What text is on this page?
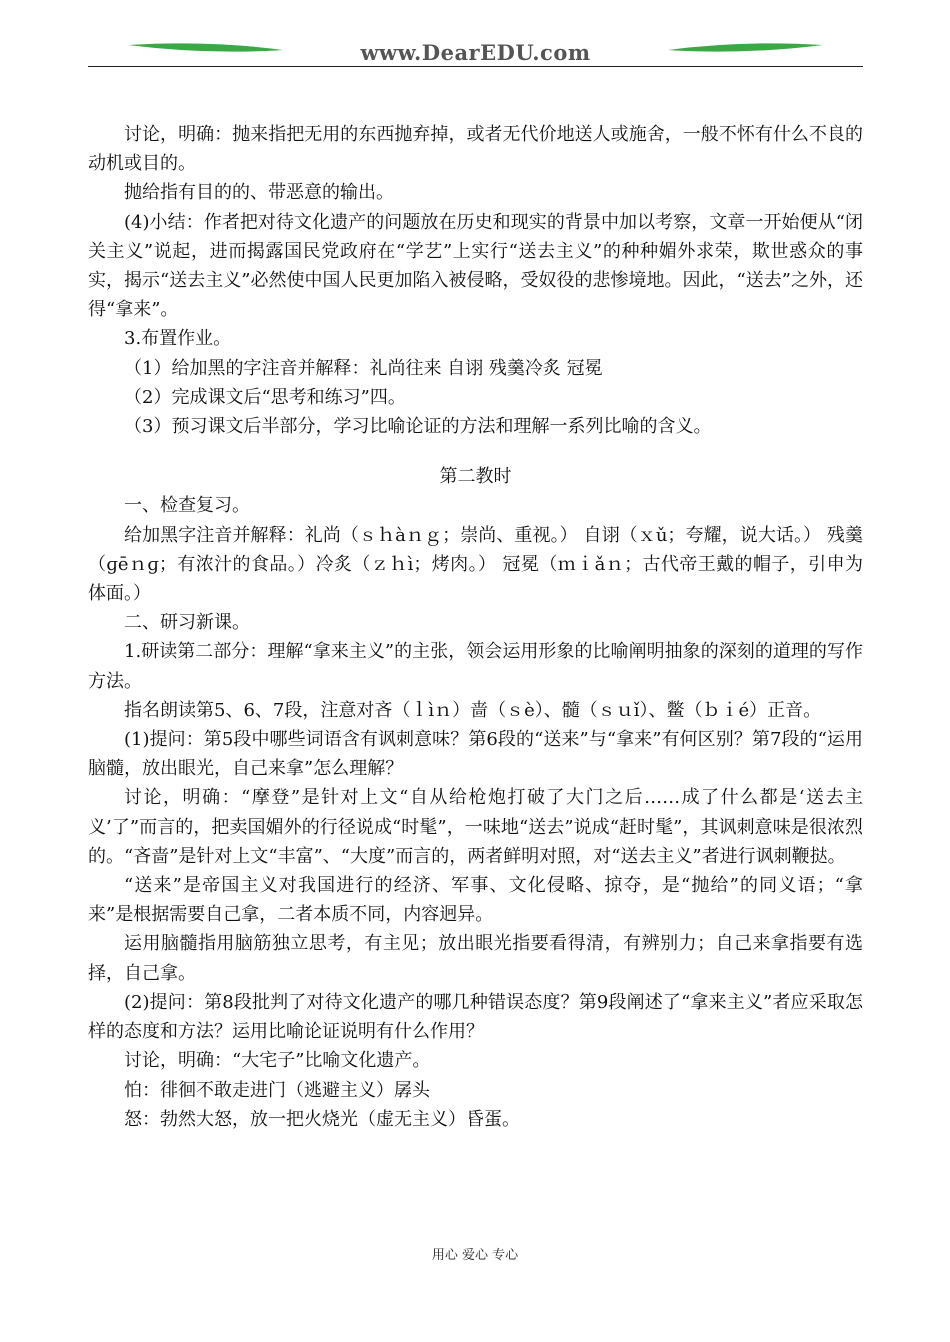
www.DearEDU.com

讨论，明确：抛来指把无用的东西抛弃掉，或者无代价地送人或施舍，一般不怀有什么不良的动机或目的。

抛给指有目的的、带恶意的输出。

(4)小结：作者把对待文化遗产的问题放在历史和现实的背景中加以考察，文章一开始便从“闭关主义”说起，进而揭露国民党政府在“学艺”上实行“送去主义”的种种媚外求荣，欺世惑众的事实，揭示“送去主义”必然使中国人民更加陷入被侵略，受奴役的悲惨境地。因此，“送去”之外，还得“拿来”。

3.布置作业。

（1）给加黑的字注音并解释：礼尚往来 自诩 残羹冷炙 冠冕

（2）完成课文后“思考和练习”四。

（3）预习课文后半部分，学习比喻论证的方法和理解一系列比喻的含义。

第二教时

一、检查复习。

给加黑字注音并解释：礼尚（ｓｈàｎｇ；崇尚、重视。） 自诩（ｘǔ；夸耀，说大话。） 残羹（ɡēｎɡ；有浓汁的食品。）冷炙（ｚｈì；烤肉。） 冠冕（ｍｉǎｎ；古代帝王戴的帽子，引申为体面。）

二、研习新课。

1.研读第二部分：理解“拿来主义”的主张，领会运用形象的比喻阐明抽象的深刻的道理的写作方法。

指名朗读第5、6、7段，注意对吝（ｌìｎ）啬（ｓè）、髓（ｓｕǐ）、鳖（ｂｉé）正音。

(1)提问：第5段中哪些词语含有讽刺意味？第6段的“送来”与“拿来”有何区别？第7段的“运用脑髓，放出眼光，自己来拿”怎么理解？

讨论，明确：“摩登”是针对上文“自从给枪炮打破了大门之后……成了什么都是‘送去主义’了”而言的，把卖国媚外的行径说成“时髦”，一味地“送去”说成“赶时髦”，其讽刺意味是很浓烈的。“吝啬”是针对上文“丰富”、“大度”而言的，两者鲜明对照，对“送去主义”者进行讽刺鞭挞。

“送来”是帝国主义对我国进行的经济、军事、文化侵略、掠夺，是“抛给”的同义语；“拿来”是根据需要自己拿，二者本质不同，内容迥异。

运用脑髓指用脑筋独立思考，有主见；放出眼光指要看得清，有辨别力；自己来拿指要有选择，自己拿。

(2)提问：第8段批判了对待文化遗产的哪几种错误态度？第9段阐述了“拿来主义”者应采取怎样的态度和方法？运用比喻论证说明有什么作用？

讨论，明确：“大宅子”比喻文化遗产。

怕：徘徊不敢走进门（逃避主义）孱头

怒：勃然大怒，放一把火烧光（虚无主义）昏蛋。

用心 爱心 专心
